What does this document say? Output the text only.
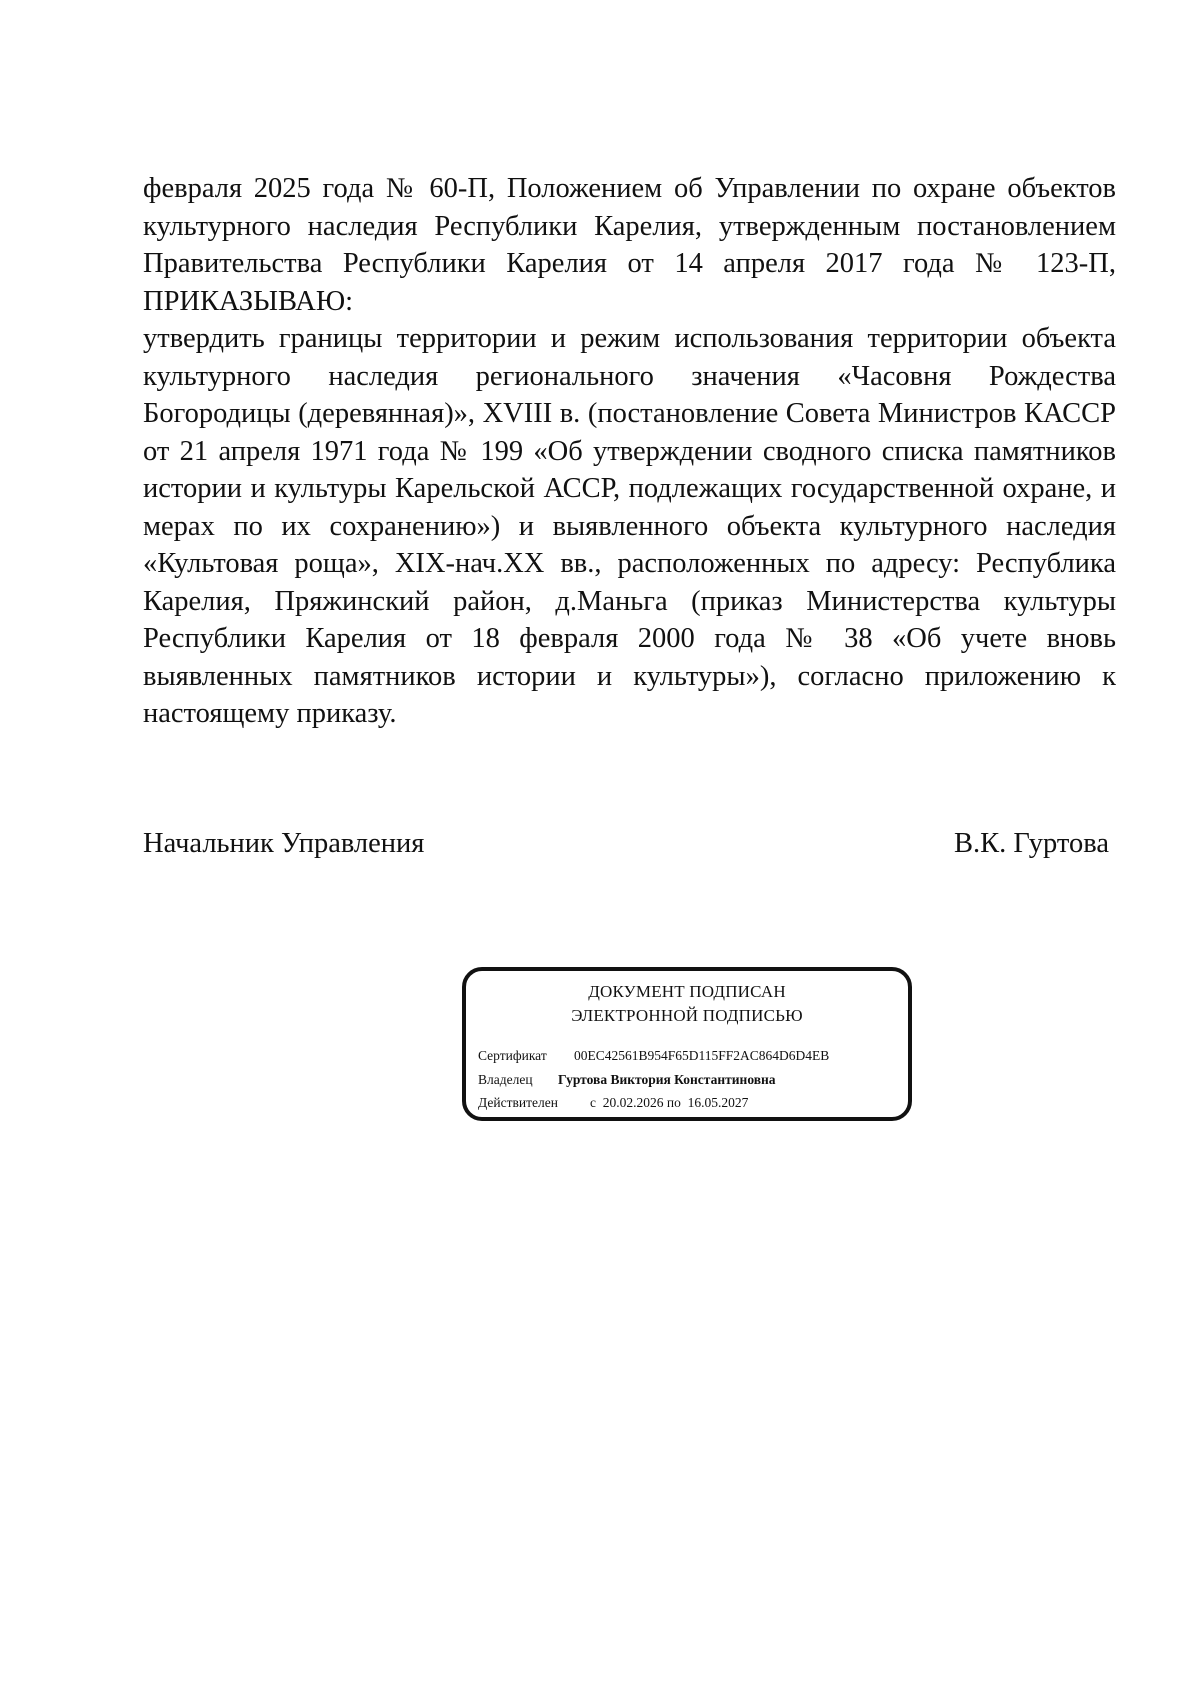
февраля 2025 года № 60-П, Положением об Управлении по охране объектов
культурного наследия Республики Карелия, утвержденным постановлением
Правительства Республики Карелия от 14 апреля 2017 года № 123-П,
ПРИКАЗЫВАЮ:
утвердить границы территории и режим использования территории объекта
культурного наследия регионального значения «Часовня Рождества
Богородицы (деревянная)», XVIII в. (постановление Совета Министров КАССР
от 21 апреля 1971 года № 199 «Об утверждении сводного списка памятников
истории и культуры Карельской АССР, подлежащих государственной охране, и
мерах по их сохранению») и выявленного объекта культурного наследия
«Культовая роща», XIX-нач.XX вв., расположенных по адресу: Республика
Карелия, Пряжинский район, д.Маньга (приказ Министерства культуры
Республики Карелия от 18 февраля 2000 года № 38 «Об учете вновь
выявленных памятников истории и культуры»), согласно приложению к
настоящему приказу.
Начальник Управления	В.К. Гуртова
ДОКУМЕНТ ПОДПИСАН
ЭЛЕКТРОННОЙ ПОДПИСЬЮ
Сертификат 00EC42561B954F65D115FF2AC864D6D4EB
Владелец Гуртова Виктория Константиновна
Действителен с  20.02.2026 по  16.05.2027
